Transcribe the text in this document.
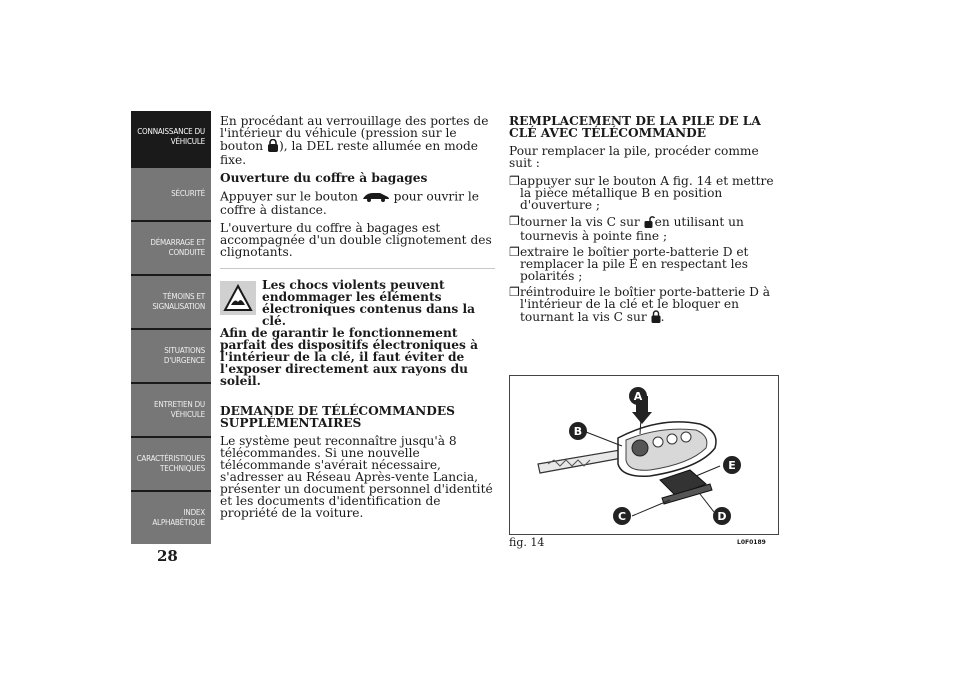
CONNAISSANCE DU
VÉHICULE
SÉCURITÉ
DÉMARRAGE ET
CONDUITE
TÉMOINS ET
SIGNALISATION
SITUATIONS
D'URGENCE
ENTRETIEN DU
VÉHICULE
CARACTÉRISTIQUES
TECHNIQUES
INDEX
ALPHABÉTIQUE
28

En procédant au verrouillage des portes de l'intérieur du véhicule (pression sur le bouton ), la DEL reste allumée en mode fixe.

Ouverture du coffre à bagages

Appuyer sur le bouton	pour ouvrir le coffre à distance.

L'ouverture du coffre à bagages est accompagnée d'un double clignotement des clignotants.

Les chocs violents peuvent endommager les éléments électroniques contenus dans la clé.
Afin de garantir le fonctionnement parfait des dispositifs électroniques à l'intérieur de la clé, il faut éviter de l'exposer directement aux rayons du soleil.
DEMANDE DE TÉLÉCOMMANDES SUPPLÉMENTAIRES

Le système peut reconnaître jusqu'à 8 télécommandes. Si une nouvelle télécommande s'avérait nécessaire, s'adresser au Réseau Après-vente Lancia, présenter un document personnel d'identité et les documents d'identification de propriété de la voiture.

REMPLACEMENT DE LA PILE DE LA CLÉ AVEC TÉLÉCOMMANDE

Pour remplacer la pile, procéder comme suit :

❒ appuyer sur le bouton A fig. 14 et mettre la pièce métallique B en position d'ouverture ;
❒ tourner la vis C sur en utilisant un tournevis à pointe fine ;
❒ extraire le boîtier porte-batterie D et remplacer la pile E en respectant les polarités ;
❒ réintroduire le boîtier porte-batterie D à l'intérieur de la clé et le bloquer en tournant la vis C sur .
A
B
E
C	D
fig. 14	L0F0189
